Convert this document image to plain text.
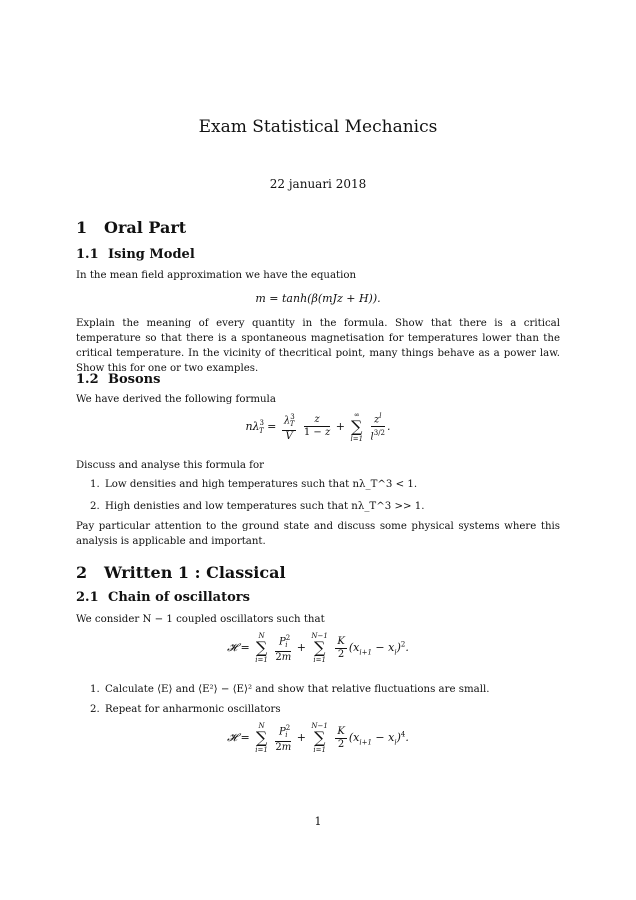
Exam Statistical Mechanics
22 januari 2018
1 Oral Part
1.1 Ising Model
In the mean field approximation we have the equation
m = tanh(β(mJz + H)).
Explain the meaning of every quantity in the formula. Show that there is a critical temperature so that there is a spontaneous magnetisation for temperatures lower than the critical temperature. In the vicinity of thecritical point, many things behave as a power law. Show this for one or two examples.
1.2 Bosons
We have derived the following formula
$n\lambda^3_T = \frac{\lambda^3_T}{V}$
$\frac{z}{1 - z}$ +
∞
∑
l=1
$\frac{z^l}{l^{3/2}}$ .
Discuss and analyse this formula for
1. Low densities and high temperatures such that nλ_T^3 < 1.
2. High denisties and low temperatures such that nλ_T^3 >> 1.
Pay particular attention to the ground state and discuss some physical systems where this analysis is applicable and important.
2 Written 1 : Classical
2.1 Chain of oscillators
We consider N − 1 coupled oscillators such that
𝓗 =
N
∑
i=1
$\frac{P^2_i}{2m}$ +
N−1
∑
i=1
$\frac{K}{2} (x_{i+1} - x_i)^2$.
1. Calculate ⟨E⟩ and ⟨E²⟩ − ⟨E⟩² and show that relative fluctuations are small.
2. Repeat for anharmonic oscillators
𝓗 =
N
∑
i=1
$\frac{P^2_i}{2m}$ +
N−1
∑
i=1
$\frac{K}{2} (x_{i+1} - x_i)^4$.
1
